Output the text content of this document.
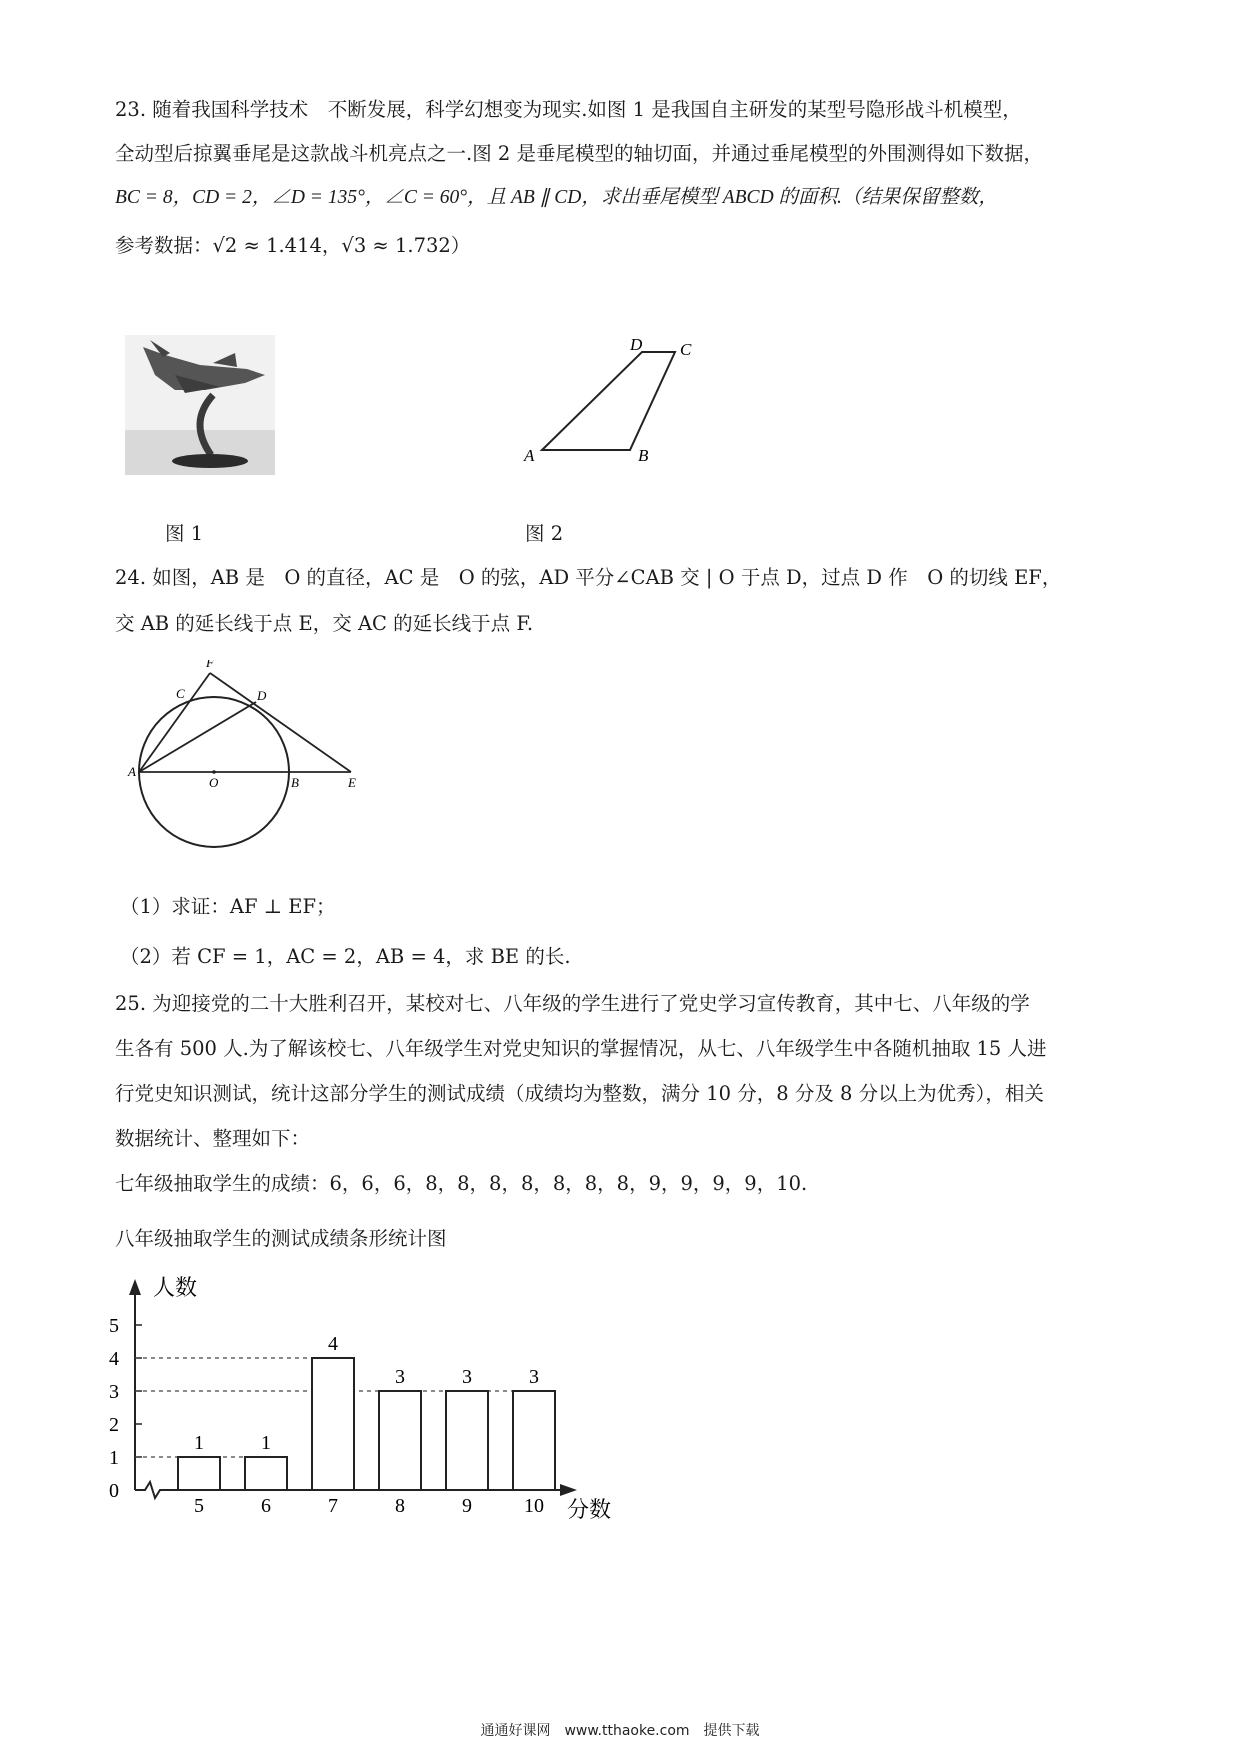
23. 随着我国科学技术　不断发展，科学幻想变为现实.如图 1 是我国自主研发的某型号隐形战斗机模型，
全动型后掠翼垂尾是这款战斗机亮点之一.图 2 是垂尾模型的轴切面，并通过垂尾模型的外围测得如下数据，
BC = 8，CD = 2，∠D = 135°，∠C = 60°，且 AB ∥ CD，求出垂尾模型 ABCD 的面积.（结果保留整数，
参考数据：√2 ≈ 1.414，√3 ≈ 1.732）
图 1
A	B
C
D
图 2
24. 如图，AB 是　O 的直径，AC 是　O 的弦，AD 平分∠CAB 交 | O 于点 D，过点 D 作　O 的切线 EF，
交 AB 的延长线于点 E，交 AC 的延长线于点 F.
F
C	D
A
O	B	E
（1）求证：AF ⊥ EF；
（2）若 CF = 1，AC = 2，AB = 4，求 BE 的长.
25. 为迎接党的二十大胜利召开，某校对七、八年级的学生进行了党史学习宣传教育，其中七、八年级的学
生各有 500 人.为了解该校七、八年级学生对党史知识的掌握情况，从七、八年级学生中各随机抽取 15 人进
行党史知识测试，统计这部分学生的测试成绩（成绩均为整数，满分 10 分，8 分及 8 分以上为优秀），相关
数据统计、整理如下：
七年级抽取学生的成绩：6，6，6，8，8，8，8，8，8，8，9，9，9，9，10.
八年级抽取学生的测试成绩条形统计图
人数
分数
0
1
2
3
4
5
1
5
1
6
4
7
3
8
3
9
3
10
通通好课网　www.tthaoke.com　提供下载
